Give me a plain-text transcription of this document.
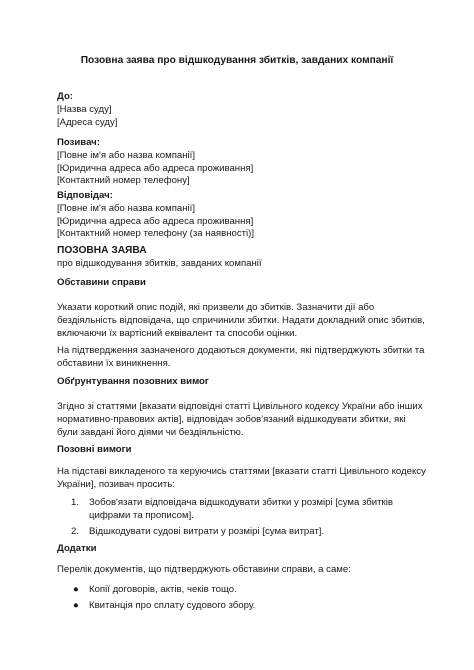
Позовна заява про відшкодування збитків, завданих компанії
До:
[Назва суду]
[Адреса суду]
Позивач:
[Повне ім'я або назва компанії]
[Юридична адреса або адреса проживання]
[Контактний номер телефону]
Відповідач:
[Повне ім'я або назва компанії]
[Юридична адреса або адреса проживання]
[Контактний номер телефону (за наявності)]
ПОЗОВНА ЗАЯВА
про відшкодування збитків, завданих компанії
Обставини справи
Указати короткий опис подій, які призвели до збитків. Зазначити дії або бездіяльність відповідача, що спричинили збитки. Надати докладний опис збитків, включаючи їх вартісний еквівалент та способи оцінки.
На підтвердження зазначеного додаються документи, які підтверджують збитки та обставини їх виникнення.
Обґрунтування позовних вимог
Згідно зі статтями [вказати відповідні статті Цивільного кодексу України або інших нормативно-правових актів], відповідач зобов'язаний відшкодувати збитки, які були завдані його діями чи бездіяльністю.
Позовні вимоги
На підставі викладеного та керуючись статтями [вказати статті Цивільного кодексу України], позивач просить:
1. Зобов'язати відповідача відшкодувати збитки у розмірі [сума збитків цифрами та прописом].
2. Відшкодувати судові витрати у розмірі [сума витрат].
Додатки
Перелік документів, що підтверджують обставини справи, а саме:
● Копії договорів, актів, чеків тощо.
● Квитанція про сплату судового збору.
